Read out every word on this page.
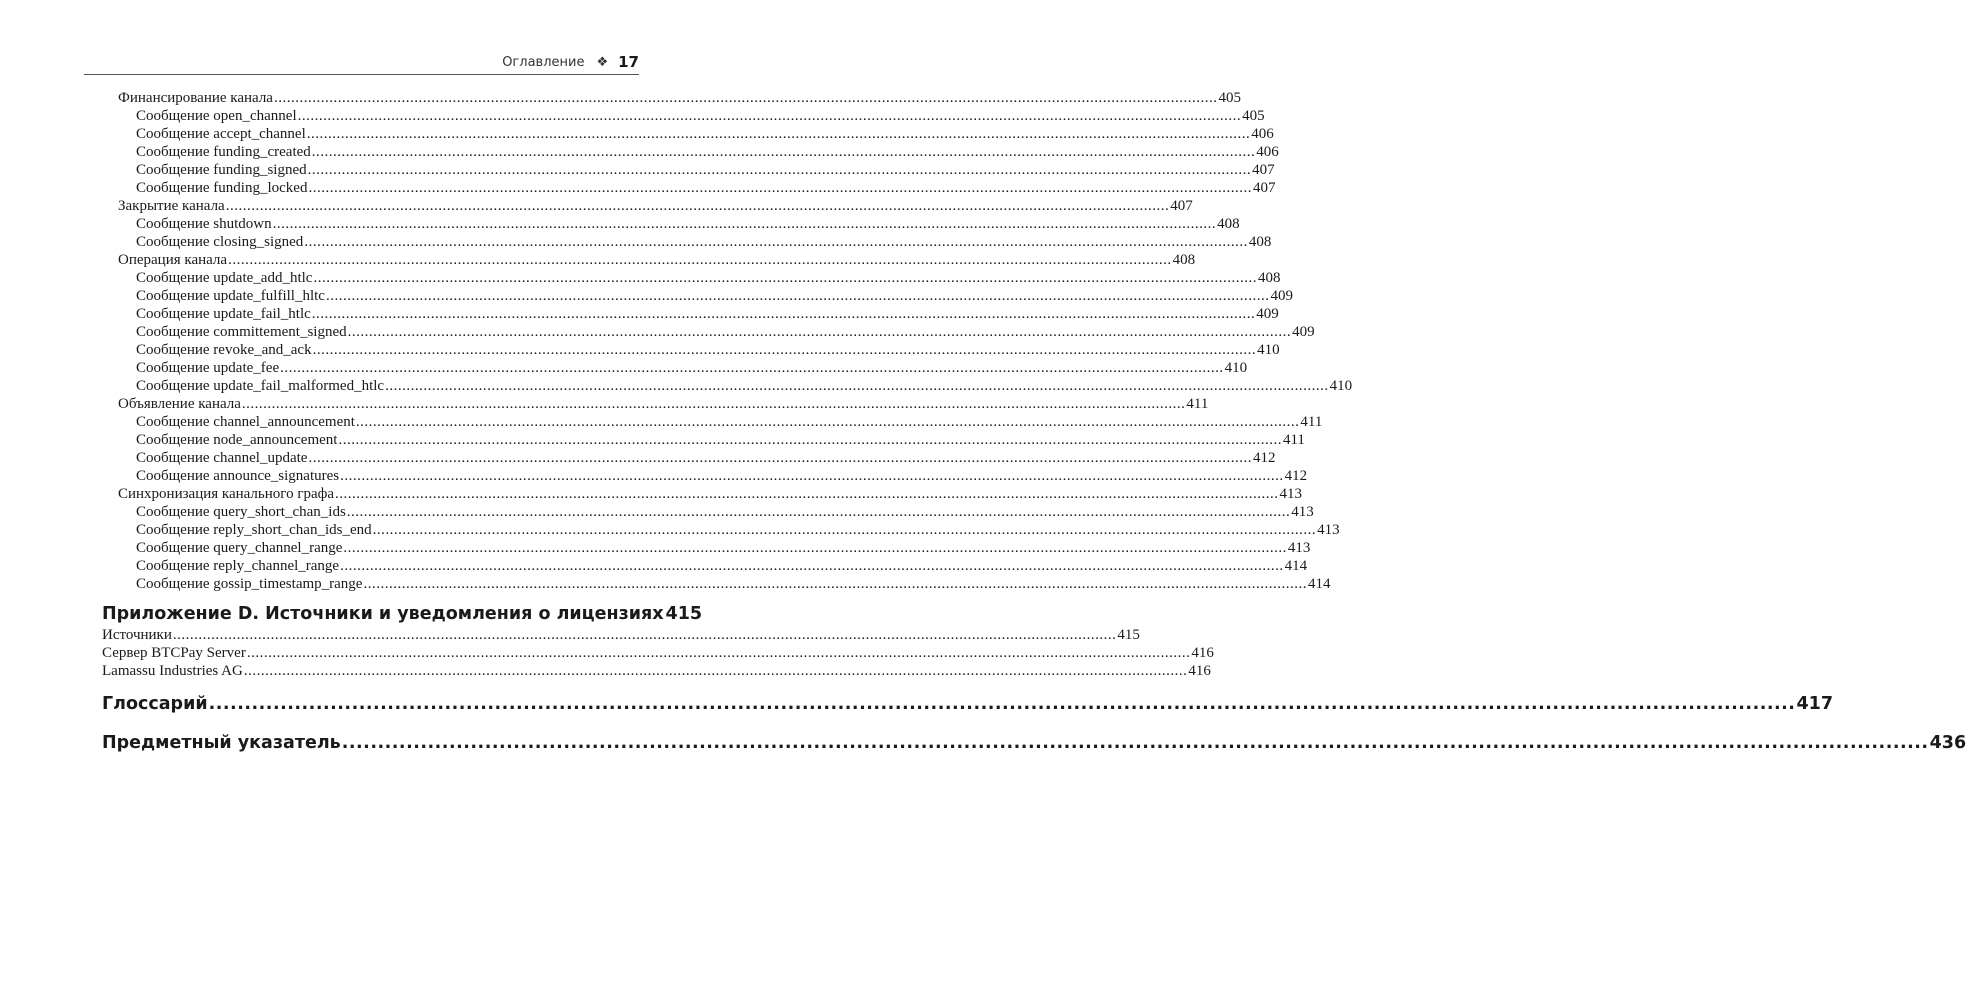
Оглавление ❖ 17
Финансирование канала .....	405
Сообщение open_channel .....	405
Сообщение accept_channel .....	406
Сообщение funding_created .....	406
Сообщение funding_signed .....	407
Сообщение funding_locked .....	407
Закрытие канала .....	407
Сообщение shutdown .....	408
Сообщение closing_signed .....	408
Операция канала .....	408
Сообщение update_add_htlc .....	408
Сообщение update_fulfill_hltc .....	409
Сообщение update_fail_htlc .....	409
Сообщение committement_signed .....	409
Сообщение revoke_and_ack .....	410
Сообщение update_fee .....	410
Сообщение update_fail_malformed_htlc .....	410
Объявление канала .....	411
Сообщение channel_announcement .....	411
Сообщение node_announcement .....	411
Сообщение channel_update .....	412
Сообщение announce_signatures .....	412
Синхронизация канального графа .....	413
Сообщение query_short_chan_ids .....	413
Сообщение reply_short_chan_ids_end .....	413
Сообщение query_channel_range .....	413
Сообщение reply_channel_range .....	414
Сообщение gossip_timestamp_range .....	414
Приложение D. Источники и уведомления о лицензиях 415
Источники .....	415
Сервер BTCPay Server .....	416
Lamassu Industries AG .....	416
Глоссарий .....	417
Предметный указатель .....	436
